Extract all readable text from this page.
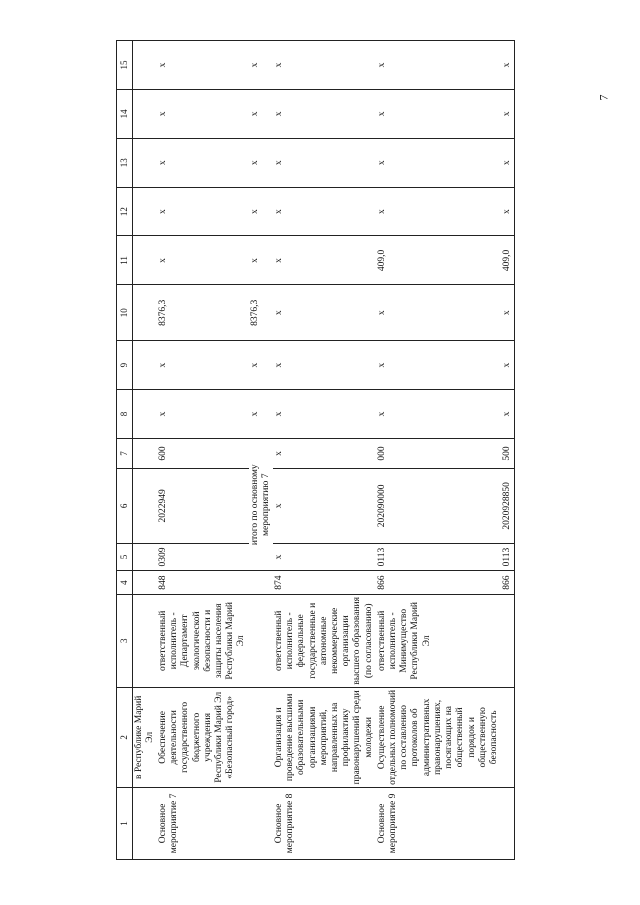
7
1	2	3	4	5	6	7	8	9	10	11	12	13	14	15
	в Республике Марий Эл													
Основное мероприятие 7	Обеспечение деятельности государственного бюджетного учреждения Республики Марий Эл «Безопасный город»	ответственный исполнитель - Департамент экологической безопасности и защиты населения Республики Марий Эл	848	0309	2022949	600	x	x	8376,3	x	x	x	x	x
				итого по основному мероприятию 7			x	x	8376,3	x	x	x	x	x
Основное мероприятие 8	Организация и проведение высшими образовательными организациями мероприятий, направленных на профилактику правонарушений среди молодежи	ответственный исполнитель - федеральные государственные и автономные некоммерческие организации высшего образования (по согласованию)	874	x	x	x	x	x	x	x	x	x	x	x
Основное мероприятие 9	Осуществление отдельных полномочий по составлению протоколов об административных правонарушениях, посягающих на общественный порядок и общественную безопасность	ответственный исполнитель - Минимущество Республики Марий Эл	866	0113	202090000	000	x	x	x	409,0	x	x	x	x
			866	0113	2020928850	500	x	x	x	409,0	x	x	x	x
